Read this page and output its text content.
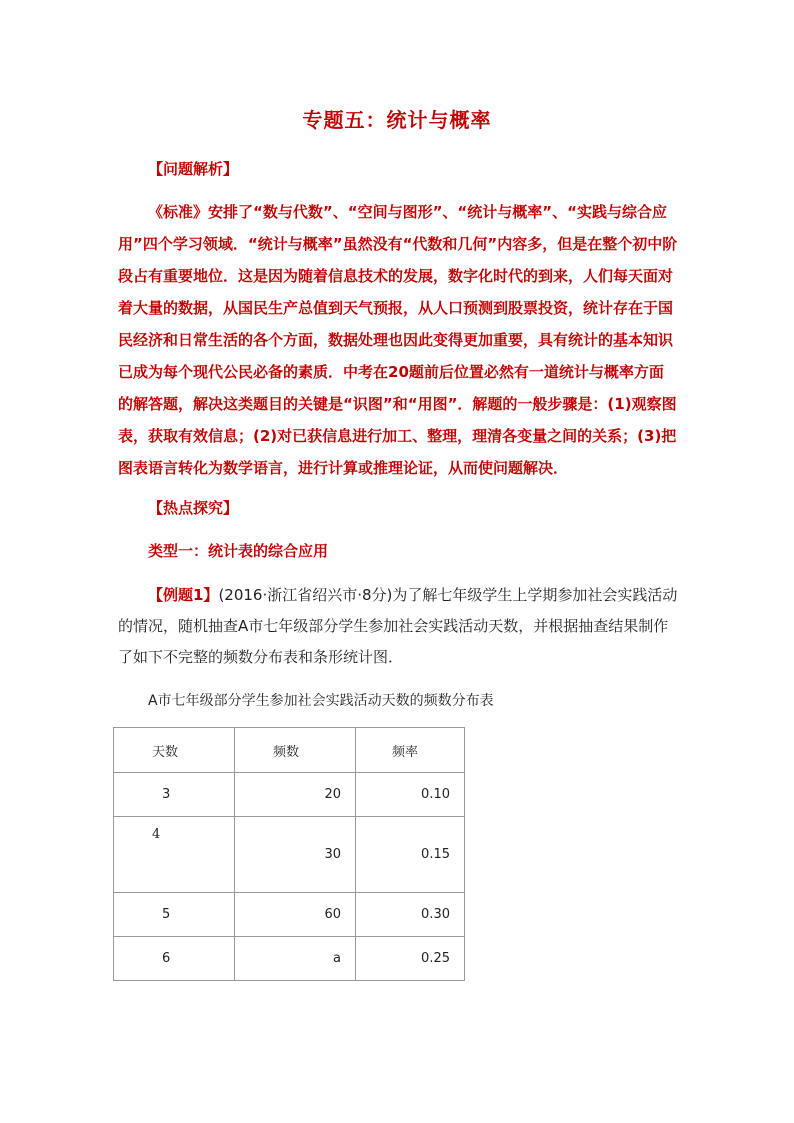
专题五：统计与概率
【问题解析】
《标准》安排了“数与代数”、“空间与图形”、“统计与概率”、“实践与综合应用”四个学习领域．“统计与概率”虽然没有“代数和几何”内容多，但是在整个初中阶段占有重要地位．这是因为随着信息技术的发展，数字化时代的到来，人们每天面对着大量的数据，从国民生产总值到天气预报，从人口预测到股票投资，统计存在于国民经济和日常生活的各个方面，数据处理也因此变得更加重要，具有统计的基本知识已成为每个现代公民必备的素质．中考在20题前后位置必然有一道统计与概率方面的解答题，解决这类题目的关键是“识图”和“用图”．解题的一般步骤是：(1)观察图表，获取有效信息；(2)对已获信息进行加工、整理，理清各变量之间的关系；(3)把图表语言转化为数学语言，进行计算或推理论证，从而使问题解决．
【热点探究】
类型一：统计表的综合应用
【例题1】(2016·浙江省绍兴市·8分)为了解七年级学生上学期参加社会实践活动的情况，随机抽查A市七年级部分学生参加社会实践活动天数，并根据抽查结果制作了如下不完整的频数分布表和条形统计图．
A市七年级部分学生参加社会实践活动天数的频数分布表
天数	频数	频率
3	20	0.10
4	30	0.15
5	60	0.30
6	a	0.25
